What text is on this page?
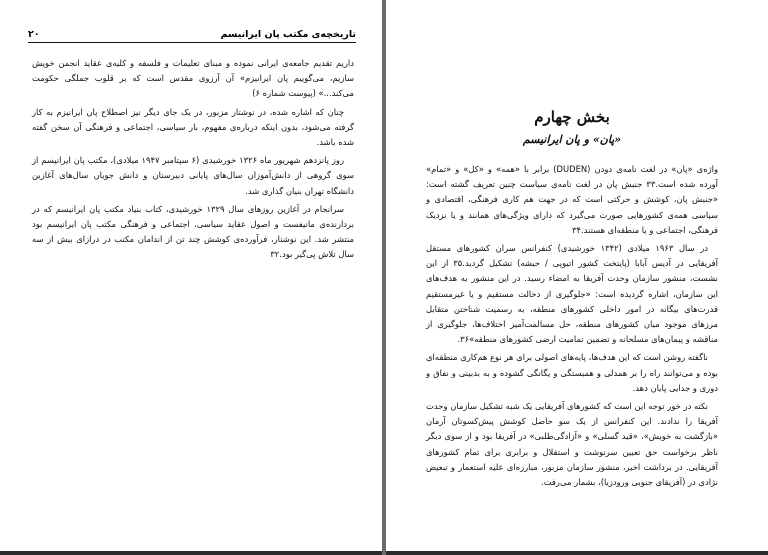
تاریخچه‌ی مکتب پان ایرانیسم
۲۰

داریم تقدیم جامعه‌ی ایرانی نموده و مبنای تعلیمات و فلسفه و کلیه‌ی عقاید انجمن خویش سازیم، می‌گوییم پان ایرانیزم» آن آرزوی مقدس است که بر قلوب جملگی حکومت می‌کند...» (پیوست شماره ۶)

چنان که اشاره شده، در نوشتار مزبور، در یک جای دیگر نیز اصطلاح پان ایرانیزم به کار گرفته می‌شود، بدون اینکه درباره‌ی مفهوم، بار سیاسی، اجتماعی و فرهنگی آن سخن گفته شده باشد.

روز پانزدهم شهریور ماه ۱۳۲۶ خورشیدی (۶ سپتامبر ۱۹۴۷ میلادی)، مکتب پان ایرانیسم از سوی گروهی از دانش‌آموزان سال‌های پایانی دبیرستان و دانش جویان سال‌های آغازین دانشگاه تهران بنیان گذاری شد.

سرانجام در آغازین روزهای سال ۱۳۲۹ خورشیدی، کتاب بنیاد مکتب پان ایرانیسم که در بردارنده‌ی مانیفست و اصول عقاید سیاسی، اجتماعی و فرهنگی مکتب پان ایرانیسم بود منتشر شد. این نوشتار، فرآورده‌ی کوشش چند تن از اندامان مکتب در درازای بیش از سه سال تلاش پی‌گیر بود.۳۲

بخش چهارم
«پان» و پان ایرانیسم

واژه‌ی «پان» در لغت نامه‌ی دودن (DUDEN) برابر با «همه» و «کل» و «تمام» آورده شده است.۳۳ جنبش پان در لغت نامه‌ی سیاست چنین تعریف گشته است: «جنبش پان، کوشش و حرکتی است که در جهت هم کاری فرهنگی، اقتصادی و سیاسی همه‌ی کشورهایی صورت می‌گیرد که دارای ویژگی‌های همانند و یا نزدیک فرهنگی، اجتماعی و یا منطقه‌ای هستند.۳۴

در سال ۱۹۶۳ میلادی (۱۳۴۲ خورشیدی) کنفرانس سران کشورهای مستقل آفریقایی در آدیس آبابا (پایتخت کشور اتیوپی / حبشه) تشکیل گردید.۳۵ از این نشست، منشور سازمان وحدت آفریقا به امضاء رسید. در این منشور به هدف‌های این سازمان، اشاره گردیده است: «جلوگیری از دخالت مستقیم و یا غیرمستقیم قدرت‌های بیگانه در امور داخلی کشورهای منطقه، به رسمیت شناختن متقابل مرزهای موجود میان کشورهای منطقه، حل مسالمت‌آمیز اختلاف‌ها، جلوگیری از مناقشه و پیمان‌های مسلحانه و تضمین تمامیت ارضی کشورهای منطقه»۳۶.

ناگفته روشن است که این هدف‌ها، پایه‌های اصولی برای هر نوع هم‌کاری منطقه‌ای بوده و می‌توانند راه را بر همدلی و همبستگی و یگانگی گشوده و به بدبینی و نفاق و دوری و جدایی پایان دهد.

نکته در خور توجه این است که کشورهای آفریقایی یک شبه تشکیل سازمان وحدت آفریقا را ندادند. این کنفرانس از یک سو حاصل کوشش پیش‌کسوتان آرمان «بازگشت به خویش»، «قید گسلی» و «آزادگی‌طلبی» در آفریقا بود و از سوی دیگر ناظر برخواست حق تعیین سرنوشت و استقلال و برابری برای تمام کشورهای آفریقایی. در برداشت اخیر، منشور سازمان مزبور، مبارزه‌ای علیه استعمار و تبعیض نژادی در (آفریقای جنوبی ورودزیا)، بشمار می‌رفت.
